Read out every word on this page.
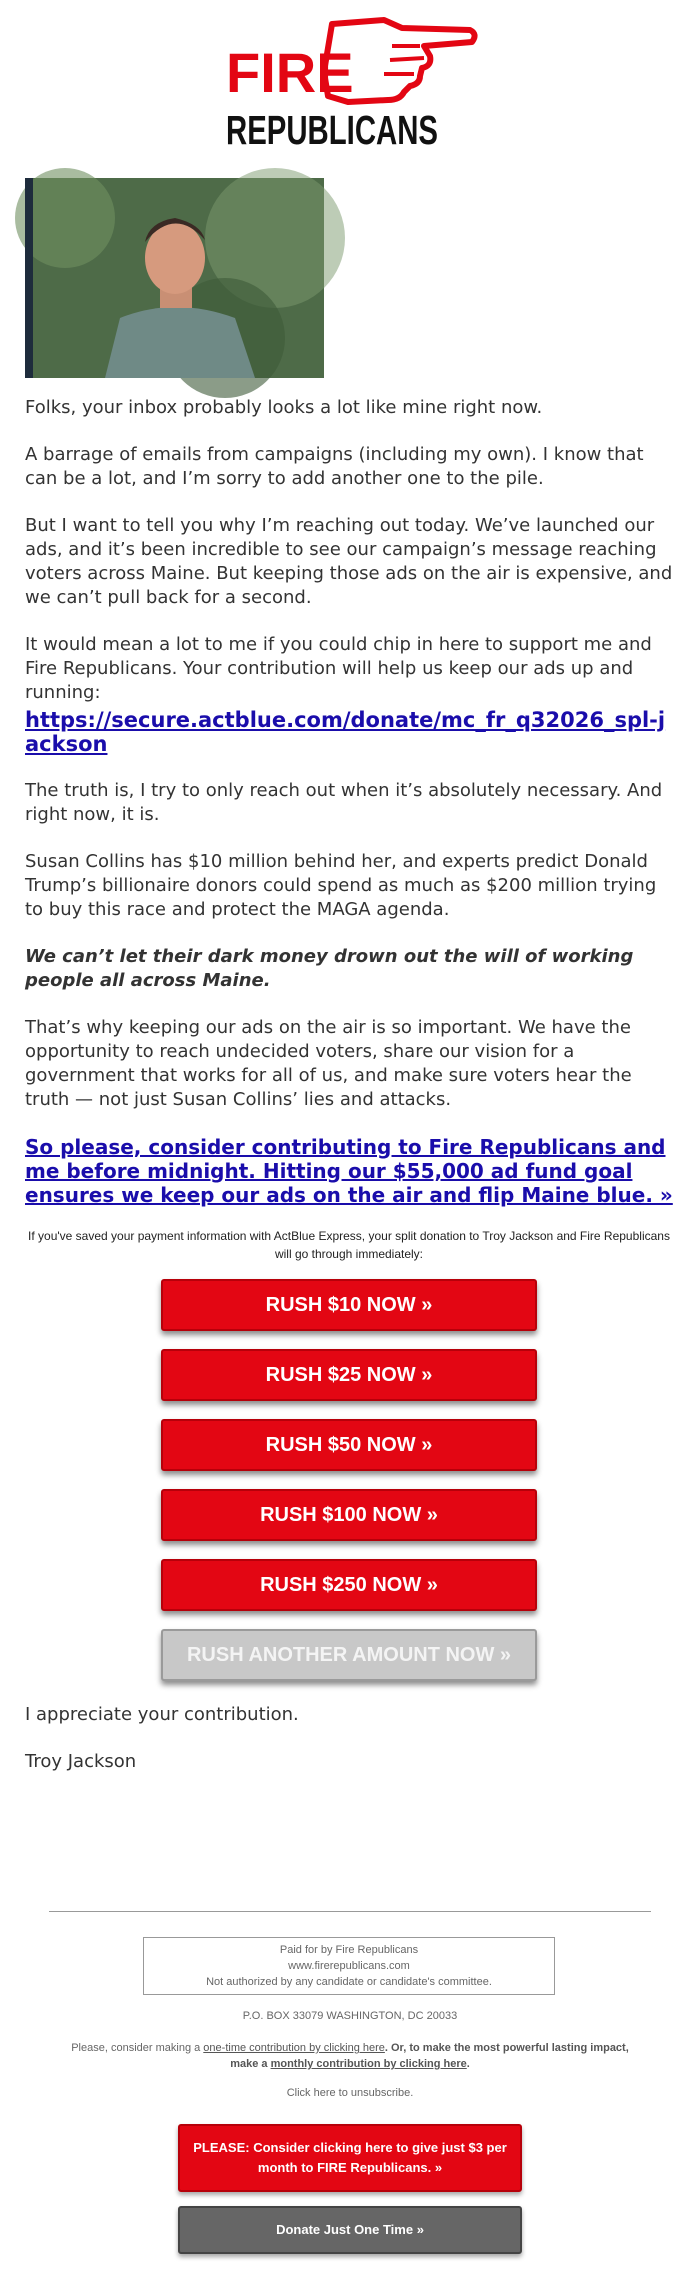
FIRE
REPUBLICANS

Folks, your inbox probably looks a lot like mine right now.

A barrage of emails from campaigns (including my own). I know that can be a lot, and I’m sorry to add another one to the pile.

But I want to tell you why I’m reaching out today. We’ve launched our ads, and it’s been incredible to see our campaign’s message reaching voters across Maine. But keeping those ads on the air is expensive, and we can’t pull back for a second.

It would mean a lot to me if you could chip in here to support me and Fire Republicans. Your contribution will help us keep our ads up and running:

https://secure.actblue.com/donate/mc_fr_q32026_spl-jackson

The truth is, I try to only reach out when it’s absolutely necessary. And right now, it is.

Susan Collins has $10 million behind her, and experts predict Donald Trump’s billionaire donors could spend as much as $200 million trying to buy this race and protect the MAGA agenda.

We can’t let their dark money drown out the will of working people all across Maine.

That’s why keeping our ads on the air is so important. We have the opportunity to reach undecided voters, share our vision for a government that works for all of us, and make sure voters hear the truth — not just Susan Collins’ lies and attacks.

So please, consider contributing to Fire Republicans and me before midnight. Hitting our $55,000 ad fund goal ensures we keep our ads on the air and flip Maine blue. »

If you've saved your payment information with ActBlue Express, your split donation to Troy Jackson and Fire Republicans will go through immediately:

RUSH $10 NOW »
RUSH $25 NOW »
RUSH $50 NOW »
RUSH $100 NOW »
RUSH $250 NOW »
RUSH ANOTHER AMOUNT NOW »

I appreciate your contribution.

Troy Jackson

Paid for by Fire Republicans
www.firerepublicans.com
Not authorized by any candidate or candidate's committee.
P.O. BOX 33079 WASHINGTON, DC 20033
Please, consider making a one-time contribution by clicking here. Or, to make the most powerful lasting impact, make a monthly contribution by clicking here.
Click here to unsubscribe.
PLEASE: Consider clicking here to give just $3 per month to FIRE Republicans. »
Donate Just One Time »
